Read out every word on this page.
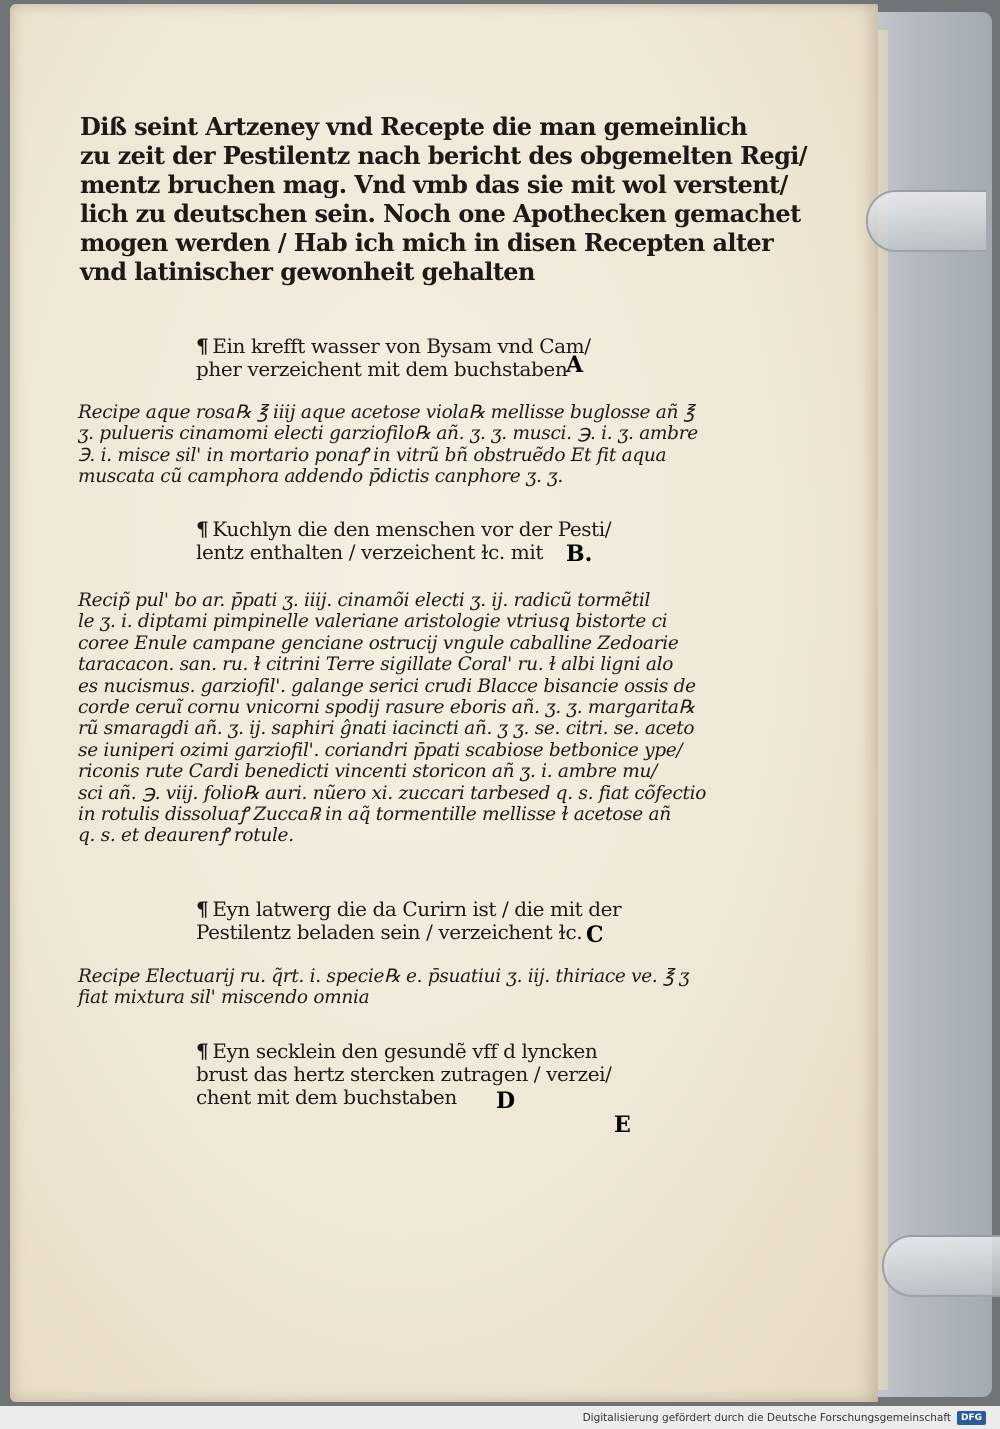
Diß seint Artzeney vnd Recepte die man gemeinlich
zu zeit der Pestilentz nach bericht des obgemelten Regi/
mentz bruchen mag. Vnd vmb das sie mit wol verstent/
lich zu deutschen sein. Noch one Apothecken gemachet
mogen werden / Hab ich mich in disen Recepten alter
vnd latinischer gewonheit gehalten
¶ Ein krefft wasser von Bysam vnd Cam/
pher verzeichent mit dem buchstaben
A
Recipe aque rosa℞ ℥ iiij aque acetose viola℞ mellisse buglosse añ ℥
ʒ. pulueris cinamomi electi garziofilo℞ añ. ʒ. ʒ. musci. ℈. i. ʒ. ambre
℈. i. misce sil' in mortario ponaꝭ in vitrũ bñ obstruẽdo Et fit aqua
muscata cũ camphora addendo p̄dictis canphore ʒ. ʒ.
¶ Kuchlyn die den menschen vor der Pesti/
lentz enthalten / verzeichent ɫc. mit	B.
Recip̃ pul' bo ar. p̄pati ʒ. iiij. cinamõi electi ʒ. ij. radicũ tormẽtil
le ʒ. i. diptami pimpinelle valeriane aristologie vtriusq̨ bistorte ci
coree Enule campane genciane ostrucij vngule caballine Zedoarie
taracacon. san. ru. ɫ citrini Terre sigillate Coral' ru. ɫ albi ligni alo
es nucismus. garziofil'. galange serici crudi Blacce bisancie ossis de
corde ceruĩ cornu vnicorni spodij rasure eboris añ. ʒ. ʒ. margarita℞
rũ smaragdi añ. ʒ. ij. saphiri ĝnati iacincti añ. ʒ ʒ. se. citri. se. aceto
se iuniperi ozimi garziofil'. coriandri p̄pati scabiose betbonice ype/
riconis rute Cardi benedicti vincenti storicon añ ʒ. i. ambre mu/
sci añ. ℈. viij. folio℞ auri. nũero xi. zuccari tarbesed q. s. fiat cõfectio
in rotulis dissoluaꝭ Zucca℞ in aq̃ tormentille mellisse ɫ acetose añ
q. s. et deaurenꝭ rotule.
¶ Eyn latwerg die da Curirn ist / die mit der
Pestilentz beladen sein / verzeichent ɫc. C
Recipe Electuarij ru. q̃rt. i. specie℞ e. p̄suatiui ʒ. iij. thiriace ve. ℥ ʒ
fiat mixtura sil' miscendo omnia
¶ Eyn secklein den gesundẽ vff d lyncken
brust das hertz stercken zutragen / verzei/
chent mit dem buchstaben	D
E
Digitalisierung gefördert durch die Deutsche Forschungsgemeinschaft	DFG
